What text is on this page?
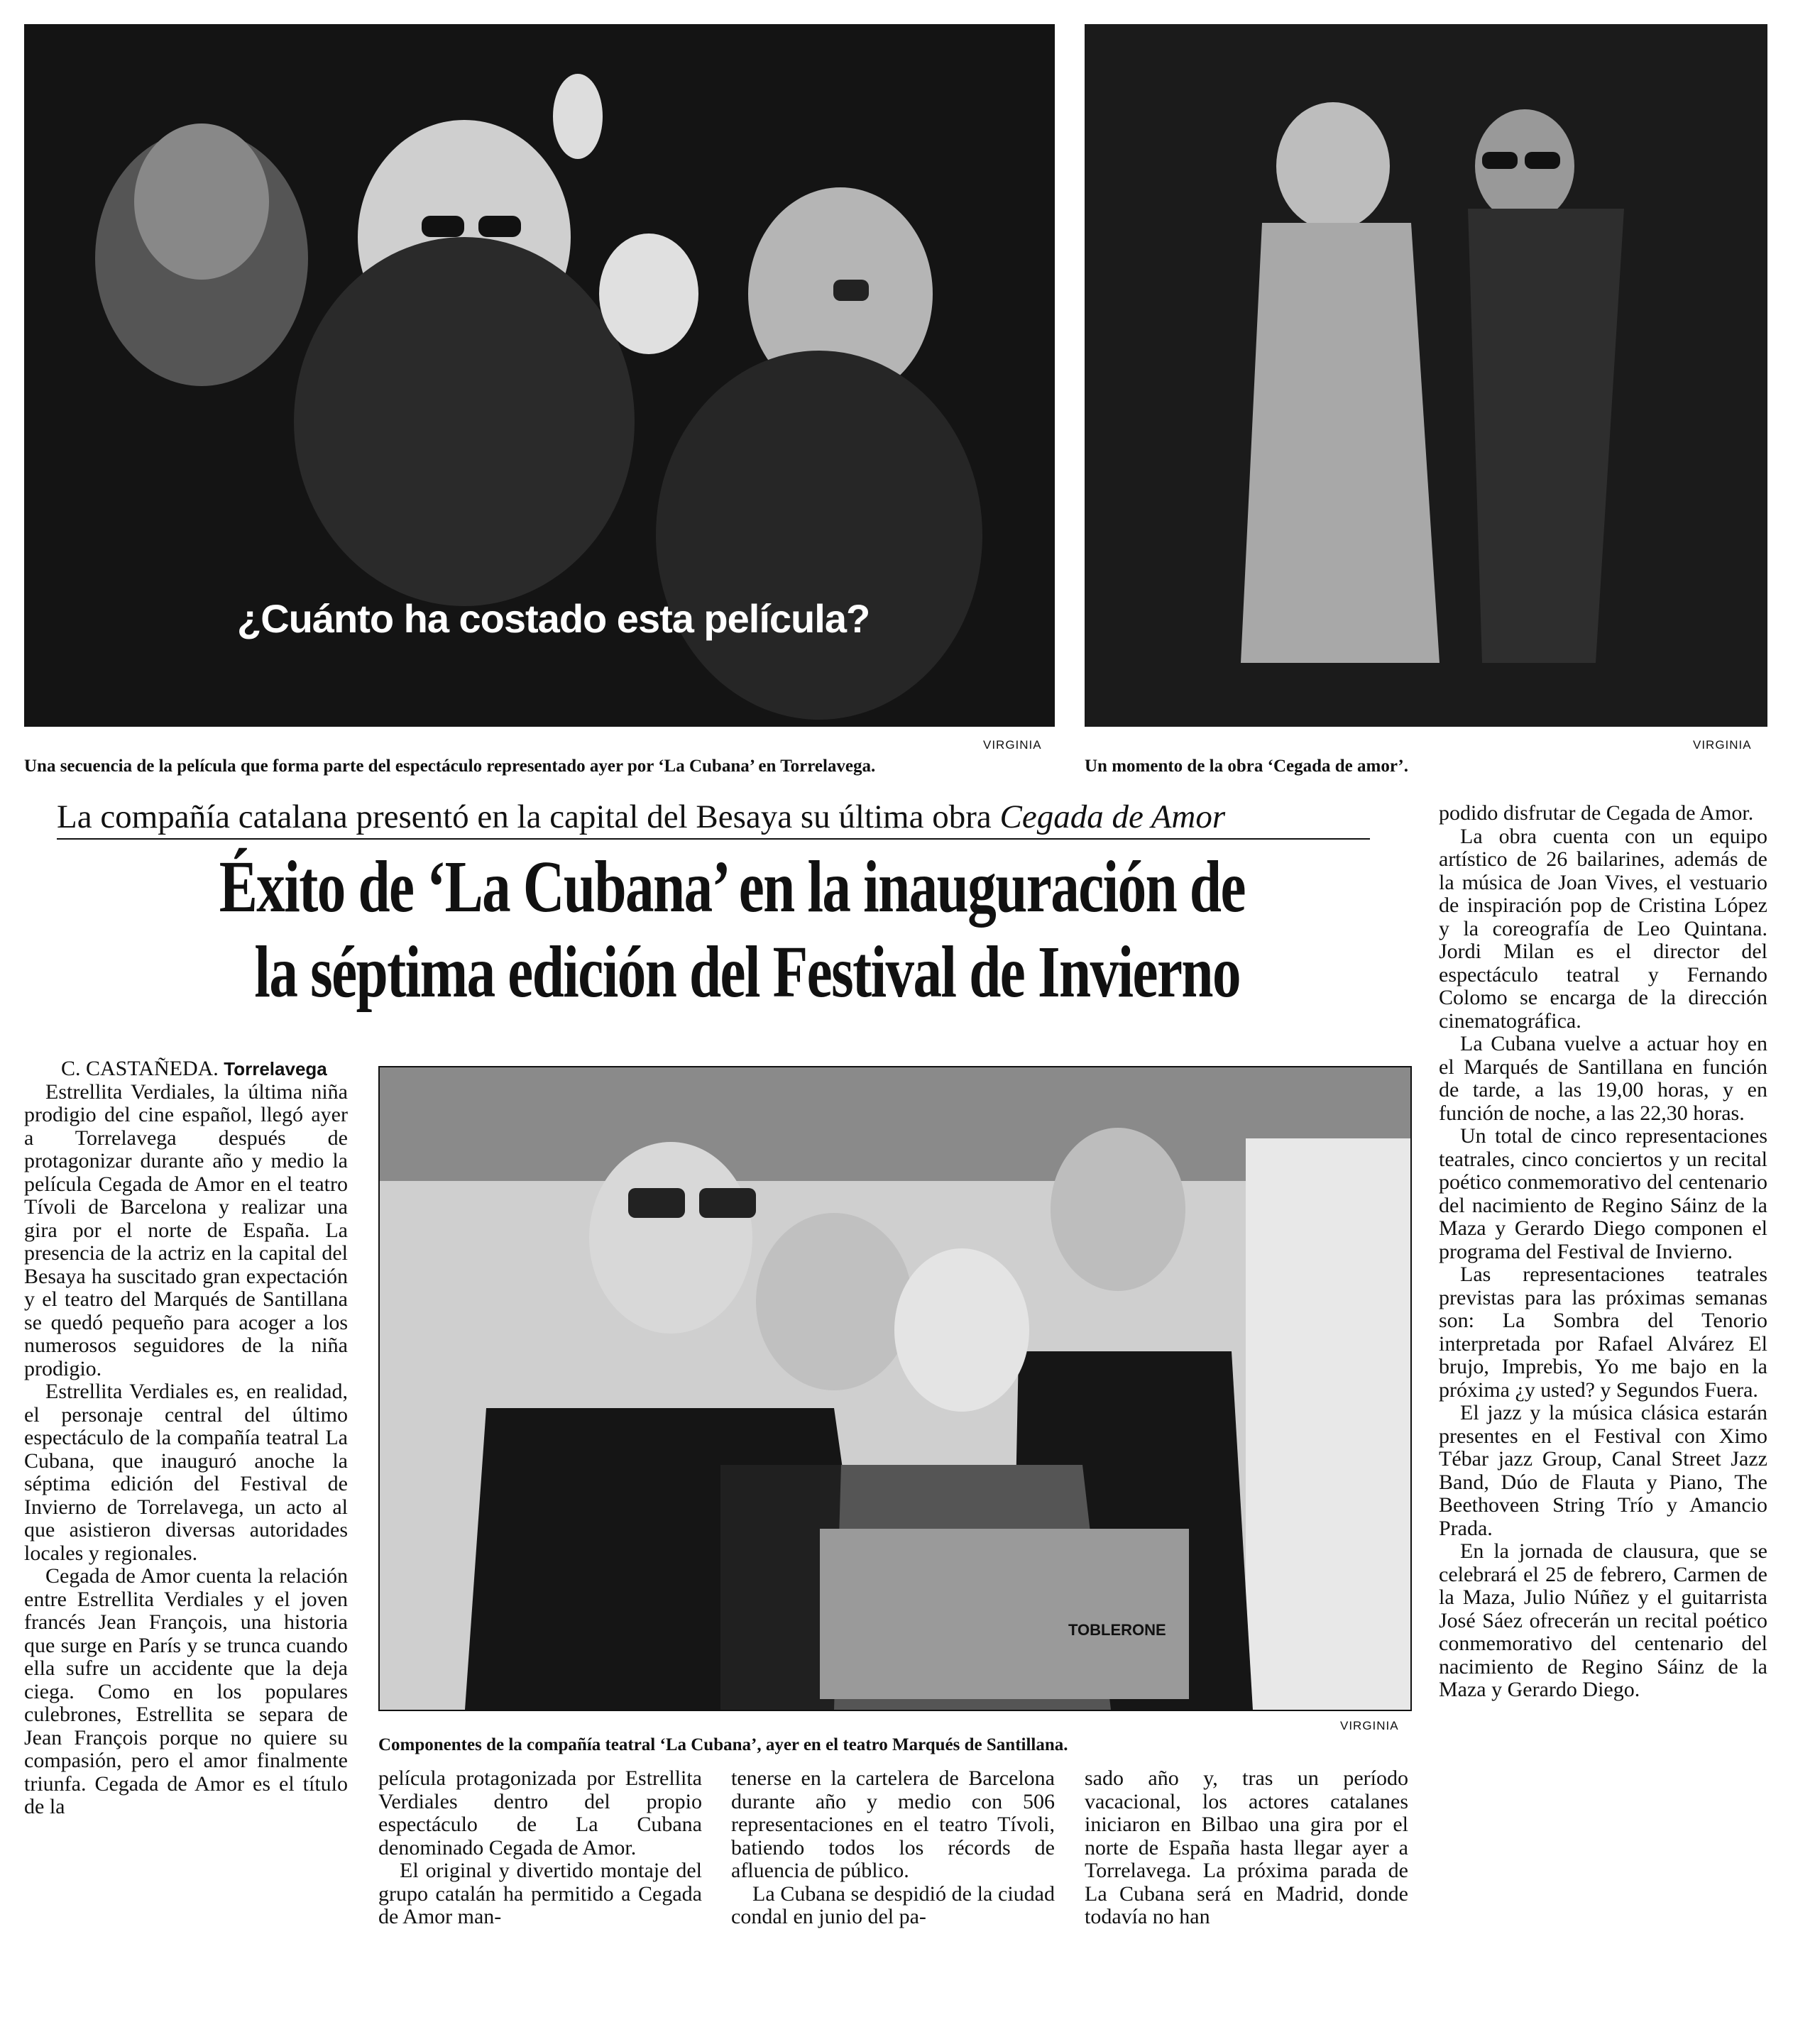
¿Cuánto ha costado esta película?
VIRGINIA
Una secuencia de la película que forma parte del espectáculo representado ayer por ‘La Cubana’ en Torrelavega.
VIRGINIA
Un momento de la obra ‘Cegada de amor’.
La compañía catalana presentó en la capital del Besaya su última obra Cegada de Amor
Éxito de ‘La Cubana’ en la inauguración de
la séptima edición del Festival de Invierno

C. CASTAÑEDA. Torrelavega

Estrellita Verdiales, la última niña prodigio del cine español, llegó ayer a Torrelavega después de protagonizar durante año y medio la película Cegada de Amor en el teatro Tívoli de Barcelona y realizar una gira por el norte de España. La presencia de la actriz en la capital del Besaya ha suscitado gran expectación y el teatro del Marqués de Santillana se quedó pequeño para acoger a los numerosos seguidores de la niña prodigio.

Estrellita Verdiales es, en realidad, el personaje central del último espectáculo de la compañía teatral La Cubana, que inauguró anoche la séptima edición del Festival de Invierno de Torrelavega, un acto al que asistieron diversas autoridades locales y regionales.

Cegada de Amor cuenta la relación entre Estrellita Verdiales y el joven francés Jean François, una historia que surge en París y se trunca cuando ella sufre un accidente que la deja ciega. Como en los populares culebrones, Estrellita se separa de Jean François porque no quiere su compasión, pero el amor finalmente triunfa. Cegada de Amor es el título de la

TOBLERONE
VIRGINIA
Componentes de la compañía teatral ‘La Cubana’, ayer en el teatro Marqués de Santillana.

película protagonizada por Estrellita Verdiales dentro del propio espectáculo de La Cubana denominado Cegada de Amor.

El original y divertido montaje del grupo catalán ha permitido a Cegada de Amor man-

tenerse en la cartelera de Barcelona durante año y medio con 506 representaciones en el teatro Tívoli, batiendo todos los récords de afluencia de público.

La Cubana se despidió de la ciudad condal en junio del pa-

sado año y, tras un período vacacional, los actores catalanes iniciaron en Bilbao una gira por el norte de España hasta llegar ayer a Torrelavega. La próxima parada de La Cubana será en Madrid, donde todavía no han

podido disfrutar de Cegada de Amor.

La obra cuenta con un equipo artístico de 26 bailarines, además de la música de Joan Vives, el vestuario de inspiración pop de Cristina López y la coreografía de Leo Quintana. Jordi Milan es el director del espectáculo teatral y Fernando Colomo se encarga de la dirección cinematográfica.

La Cubana vuelve a actuar hoy en el Marqués de Santillana en función de tarde, a las 19,00 horas, y en función de noche, a las 22,30 horas.

Un total de cinco representaciones teatrales, cinco conciertos y un recital poético conmemorativo del centenario del nacimiento de Regino Sáinz de la Maza y Gerardo Diego componen el programa del Festival de Invierno.

Las representaciones teatrales previstas para las próximas semanas son: La Sombra del Tenorio interpretada por Rafael Alvárez El brujo, Imprebis, Yo me bajo en la próxima ¿y usted? y Segundos Fuera.

El jazz y la música clásica estarán presentes en el Festival con Ximo Tébar jazz Group, Canal Street Jazz Band, Dúo de Flauta y Piano, The Beethoveen String Trío y Amancio Prada.

En la jornada de clausura, que se celebrará el 25 de febrero, Carmen de la Maza, Julio Núñez y el guitarrista José Sáez ofrecerán un recital poético conmemorativo del centenario del nacimiento de Regino Sáinz de la Maza y Gerardo Diego.
